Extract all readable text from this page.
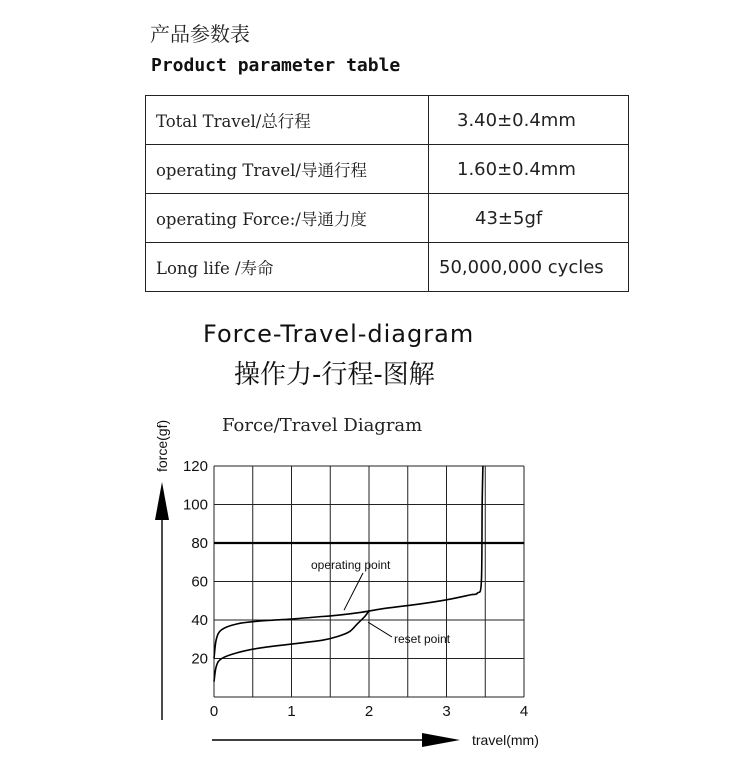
产品参数表
Product parameter table
Total Travel/总行程	3.40±0.4mm
operating Travel/导通行程	1.60±0.4mm
operating Force:/导通力度	43±5gf
Long life /寿命	50,000,000 cycles
Force-Travel-diagram
操作力-行程-图解
0	1	2	3	4
20
40
60
80
100
120
Force/Travel Diagram
force(gf)
travel(mm)
operating point
reset point
